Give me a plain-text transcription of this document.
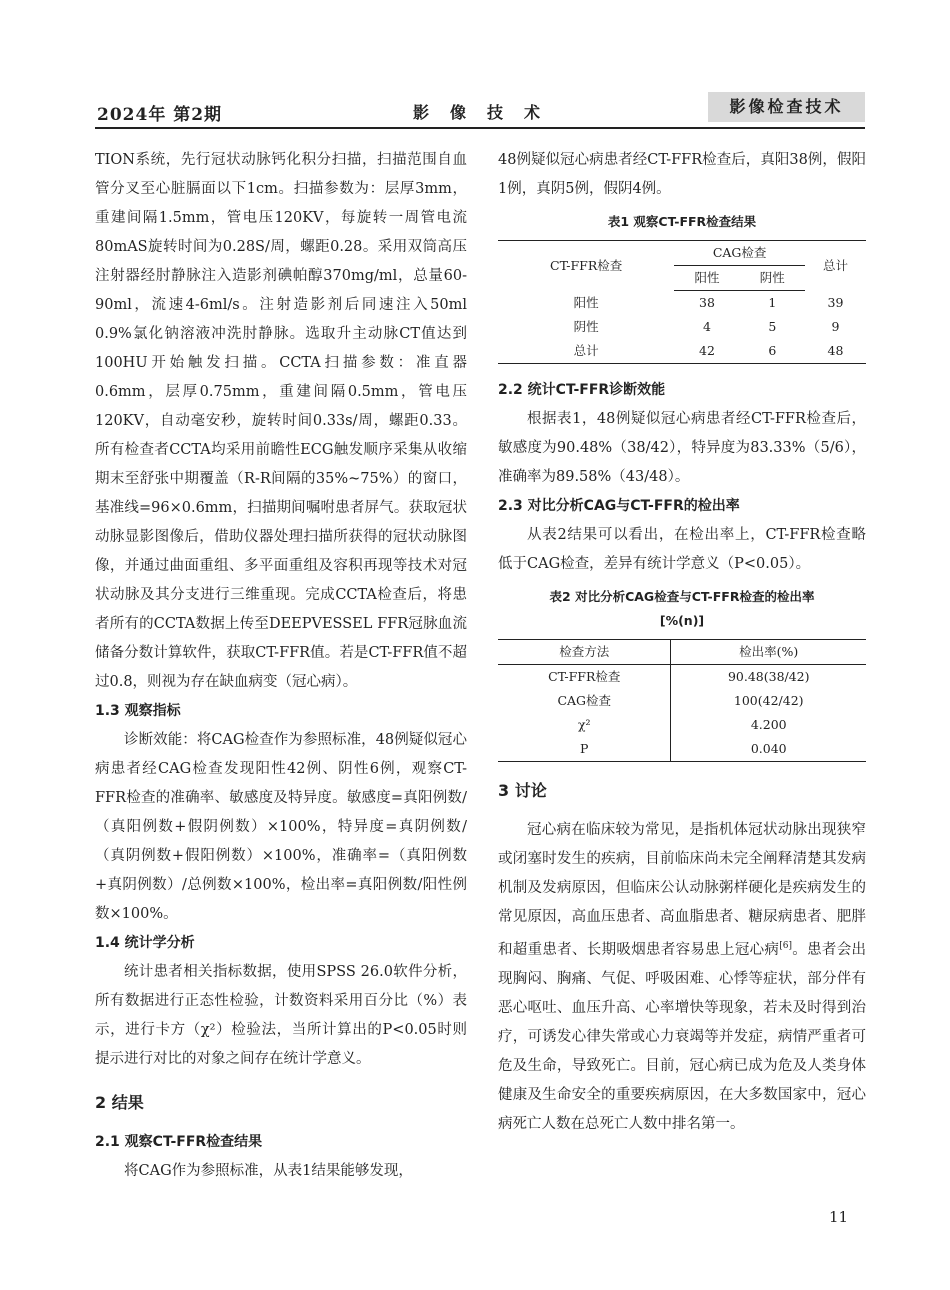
2024年 第2期	影像技术	影像检查技术

TION系统，先行冠状动脉钙化积分扫描，扫描范围自血管分叉至心脏膈面以下1cm。扫描参数为：层厚3mm，重建间隔1.5mm，管电压120KV，每旋转一周管电流80mAS旋转时间为0.28S/周，螺距0.28。采用双筒高压注射器经肘静脉注入造影剂碘帕醇370mg/ml，总量60-90ml，流速4-6ml/s。注射造影剂后同速注入50ml 0.9%氯化钠溶液冲洗肘静脉。选取升主动脉CT值达到100HU开始触发扫描。CCTA扫描参数：准直器0.6mm，层厚0.75mm，重建间隔0.5mm，管电压120KV，自动毫安秒，旋转时间0.33s/周，螺距0.33。所有检查者CCTA均采用前瞻性ECG触发顺序采集从收缩期末至舒张中期覆盖（R-R间隔的35%~75%）的窗口，基准线=96×0.6mm，扫描期间嘱咐患者屏气。获取冠状动脉显影图像后，借助仪器处理扫描所获得的冠状动脉图像，并通过曲面重组、多平面重组及容积再现等技术对冠状动脉及其分支进行三维重现。完成CCTA检查后，将患者所有的CCTA数据上传至DEEPVESSEL FFR冠脉血流储备分数计算软件，获取CT-FFR值。若是CT-FFR值不超过0.8，则视为存在缺血病变（冠心病）。

1.3 观察指标

诊断效能：将CAG检查作为参照标准，48例疑似冠心病患者经CAG检查发现阳性42例、阴性6例，观察CT-FFR检查的准确率、敏感度及特异度。敏感度=真阳例数/（真阳例数+假阴例数）×100%，特异度=真阴例数/（真阴例数+假阳例数）×100%，准确率=（真阳例数+真阴例数）/总例数×100%，检出率=真阳例数/阳性例数×100%。

1.4 统计学分析

统计患者相关指标数据，使用SPSS 26.0软件分析，所有数据进行正态性检验，计数资料采用百分比（%）表示，进行卡方（χ²）检验法，当所计算出的P<0.05时则提示进行对比的对象之间存在统计学意义。

2 结果
2.1 观察CT-FFR检查结果

将CAG作为参照标准，从表1结果能够发现，

48例疑似冠心病患者经CT-FFR检查后，真阳38例，假阳1例，真阴5例，假阴4例。

表1 观察CT-FFR检查结果
CT-FFR检查	CAG检查		总计
	阳性	阴性	
阳性	38	1	39
阴性	4	5	9
总计	42	6	48
2.2 统计CT-FFR诊断效能

根据表1，48例疑似冠心病患者经CT-FFR检查后，敏感度为90.48%（38/42），特异度为83.33%（5/6），准确率为89.58%（43/48）。

2.3 对比分析CAG与CT-FFR的检出率

从表2结果可以看出，在检出率上，CT-FFR检查略低于CAG检查，差异有统计学意义（P<0.05）。

表2 对比分析CAG检查与CT-FFR检查的检出率
[%(n)]
检查方法	检出率(%)
CT-FFR检查	90.48(38/42)
CAG检查	100(42/42)
χ²	4.200
P	0.040
3 讨论

冠心病在临床较为常见，是指机体冠状动脉出现狭窄或闭塞时发生的疾病，目前临床尚未完全阐释清楚其发病机制及发病原因，但临床公认动脉粥样硬化是疾病发生的常见原因，高血压患者、高血脂患者、糖尿病患者、肥胖和超重患者、长期吸烟患者容易患上冠心病[6]。患者会出现胸闷、胸痛、气促、呼吸困难、心悸等症状，部分伴有恶心呕吐、血压升高、心率增快等现象，若未及时得到治疗，可诱发心律失常或心力衰竭等并发症，病情严重者可危及生命，导致死亡。目前，冠心病已成为危及人类身体健康及生命安全的重要疾病原因，在大多数国家中，冠心病死亡人数在总死亡人数中排名第一。

11
